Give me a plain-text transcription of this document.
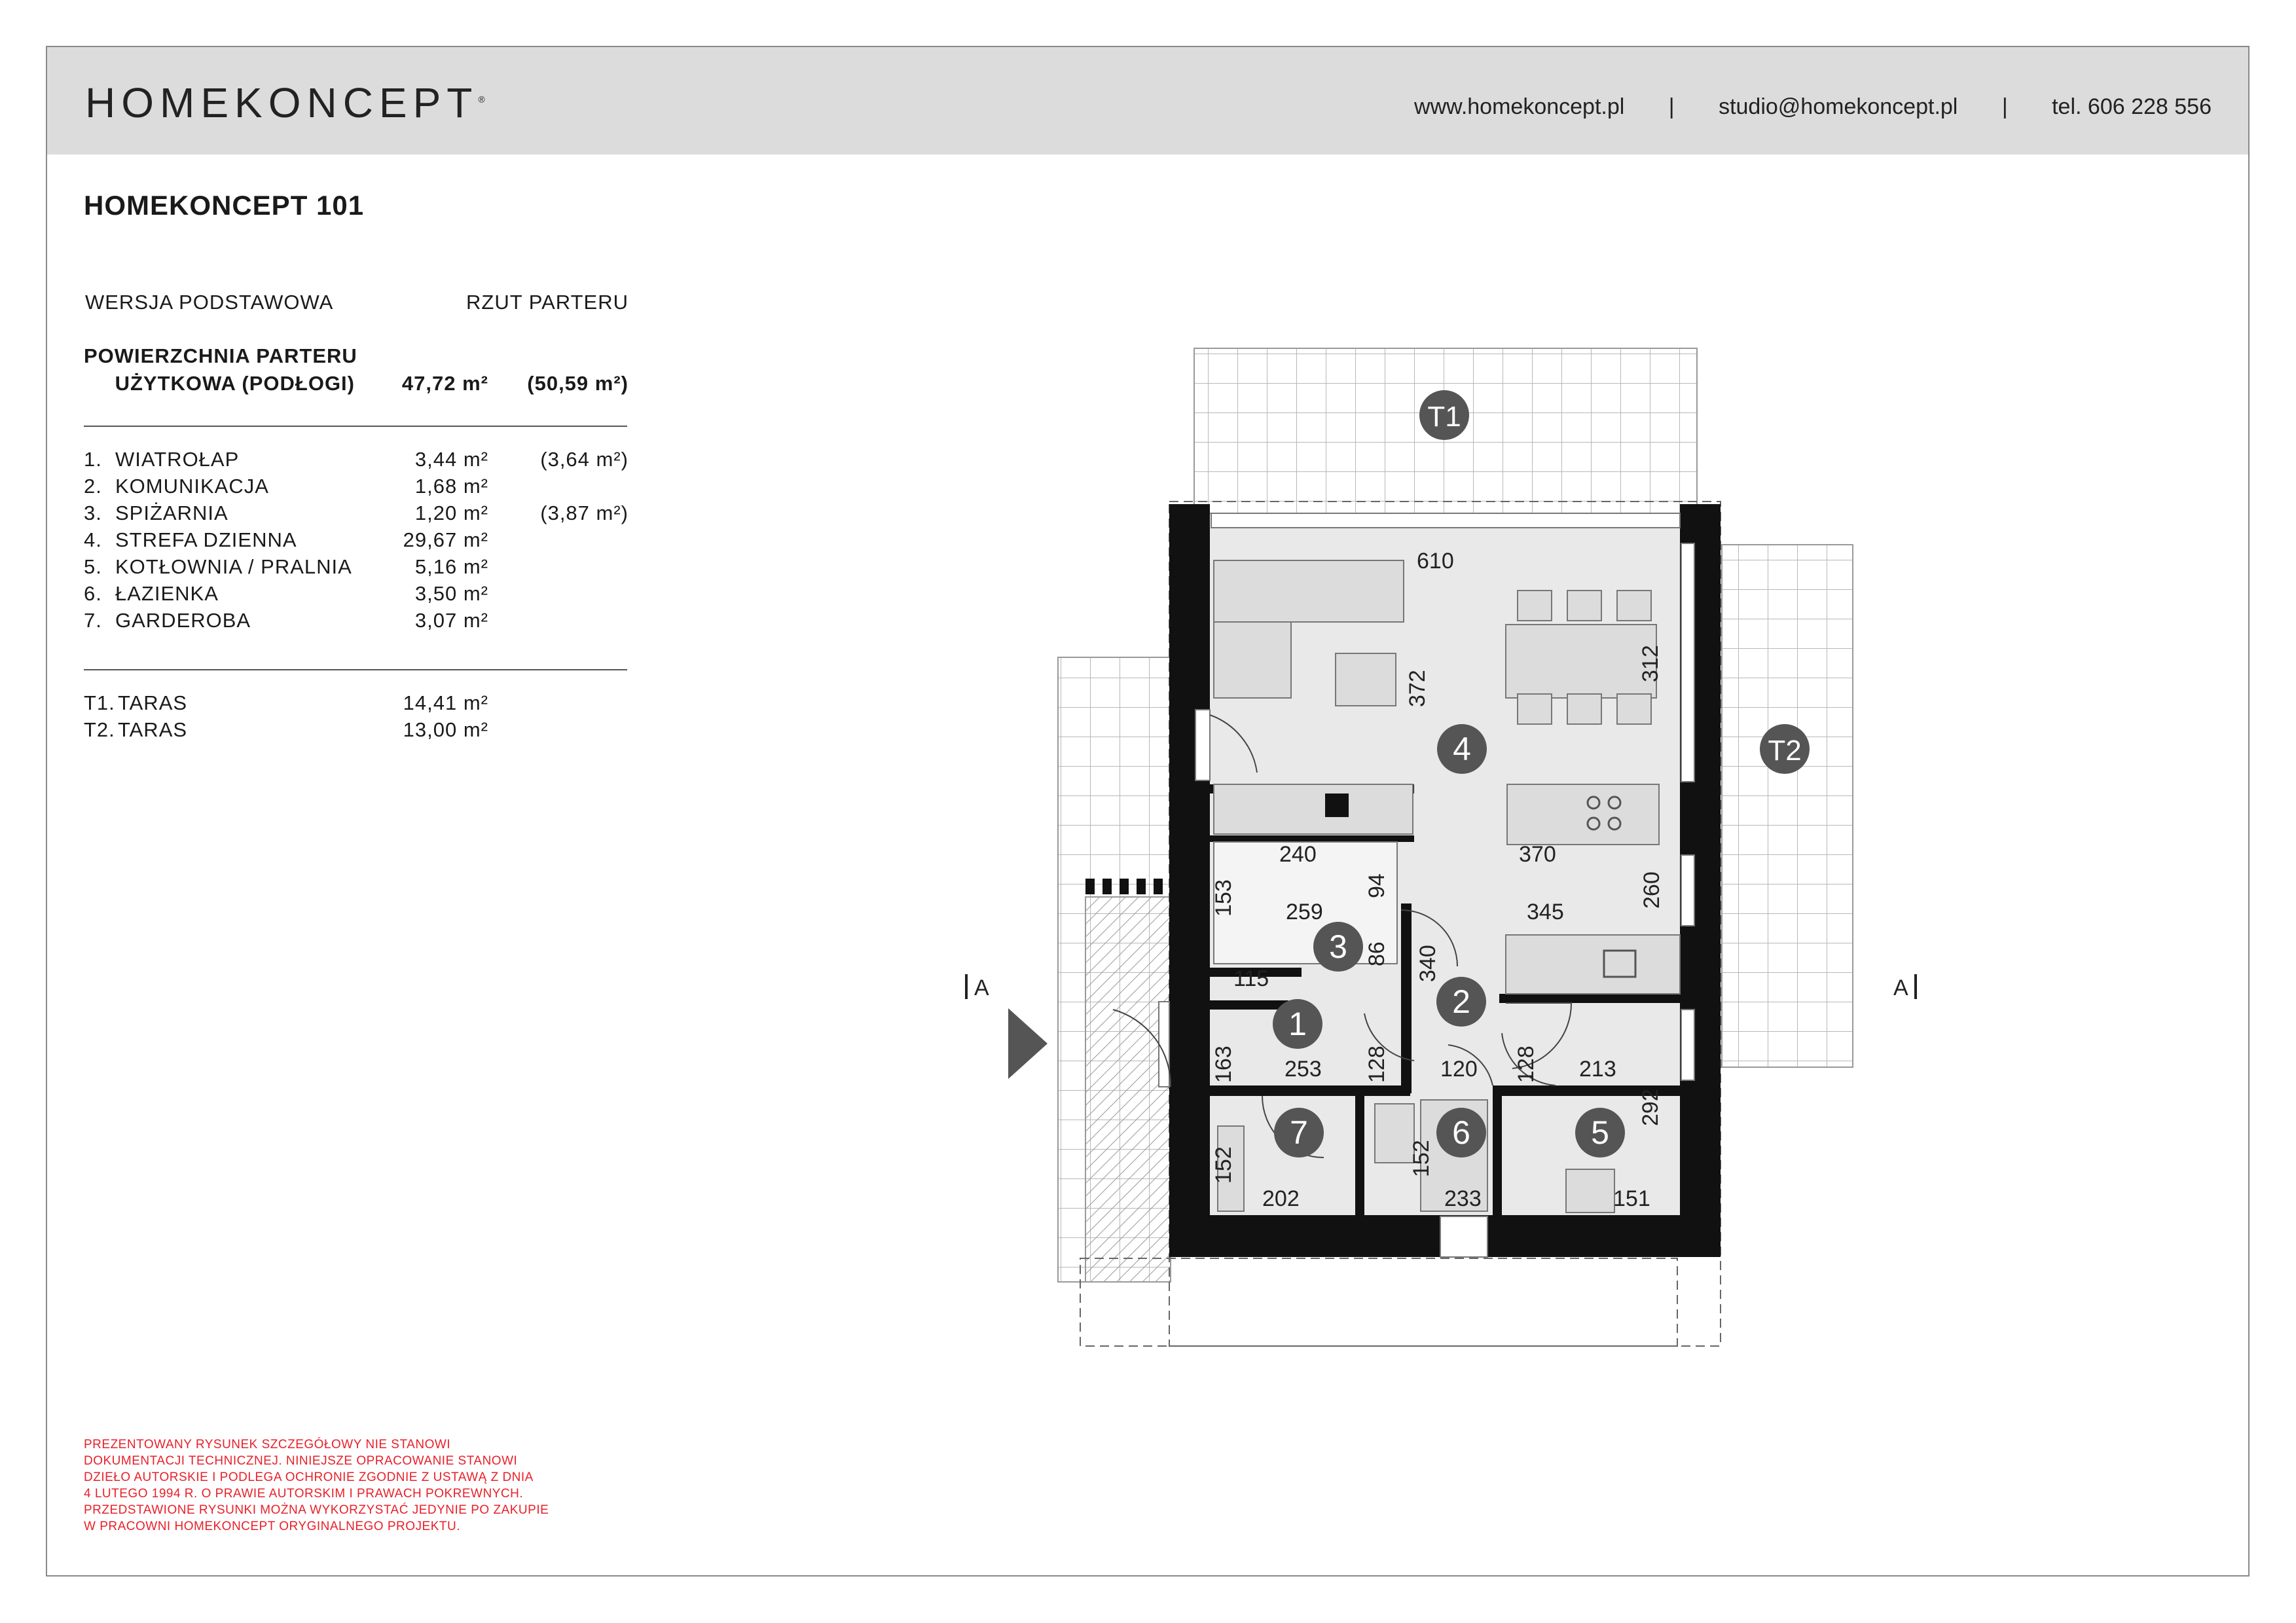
HOMEKONCEPT®	www.homekoncept.pl | studio@homekoncept.pl | tel. 606 228 556
HOMEKONCEPT 101
WERSJA PODSTAWOWA	RZUT PARTERU
POWIERZCHNIA PARTERU
UŻYTKOWA (PODŁOGI)	47,72 m²	(50,59 m²)
1. WIATROŁAP	3,44 m²	(3,64 m²)
2. KOMUNIKACJA	1,68 m²
3. SPIŻARNIA	1,20 m²	(3,87 m²)
4. STREFA DZIENNA	29,67 m²
5. KOTŁOWNIA / PRALNIA	5,16 m²
6. ŁAZIENKA	3,50 m²
7. GARDEROBA	3,07 m²
T1. TARAS	14,41 m²
T2. TARAS	13,00 m²
PREZENTOWANY RYSUNEK SZCZEGÓŁOWY NIE STANOWI
DOKUMENTACJI TECHNICZNEJ. NINIEJSZE OPRACOWANIE STANOWI
DZIEŁO AUTORSKIE I PODLEGA OCHRONIE ZGODNIE Z USTAWĄ Z DNIA
4 LUTEGO 1994 R. O PRAWIE AUTORSKIM I PRAWACH POKREWNYCH.
PRZEDSTAWIONE RYSUNKI MOŻNA WYKORZYSTAĆ JEDYNIE PO ZAKUPIE
W PRACOWNI HOMEKONCEPT ORYGINALNEGO PROJEKTU.
A	A
T1
T2
4
3
1
2
7	6	5
610
372
312
370
240
153	94
259	345
260
86 340
115
163	128
253	120 128 213
292
152
202
152
233	151
